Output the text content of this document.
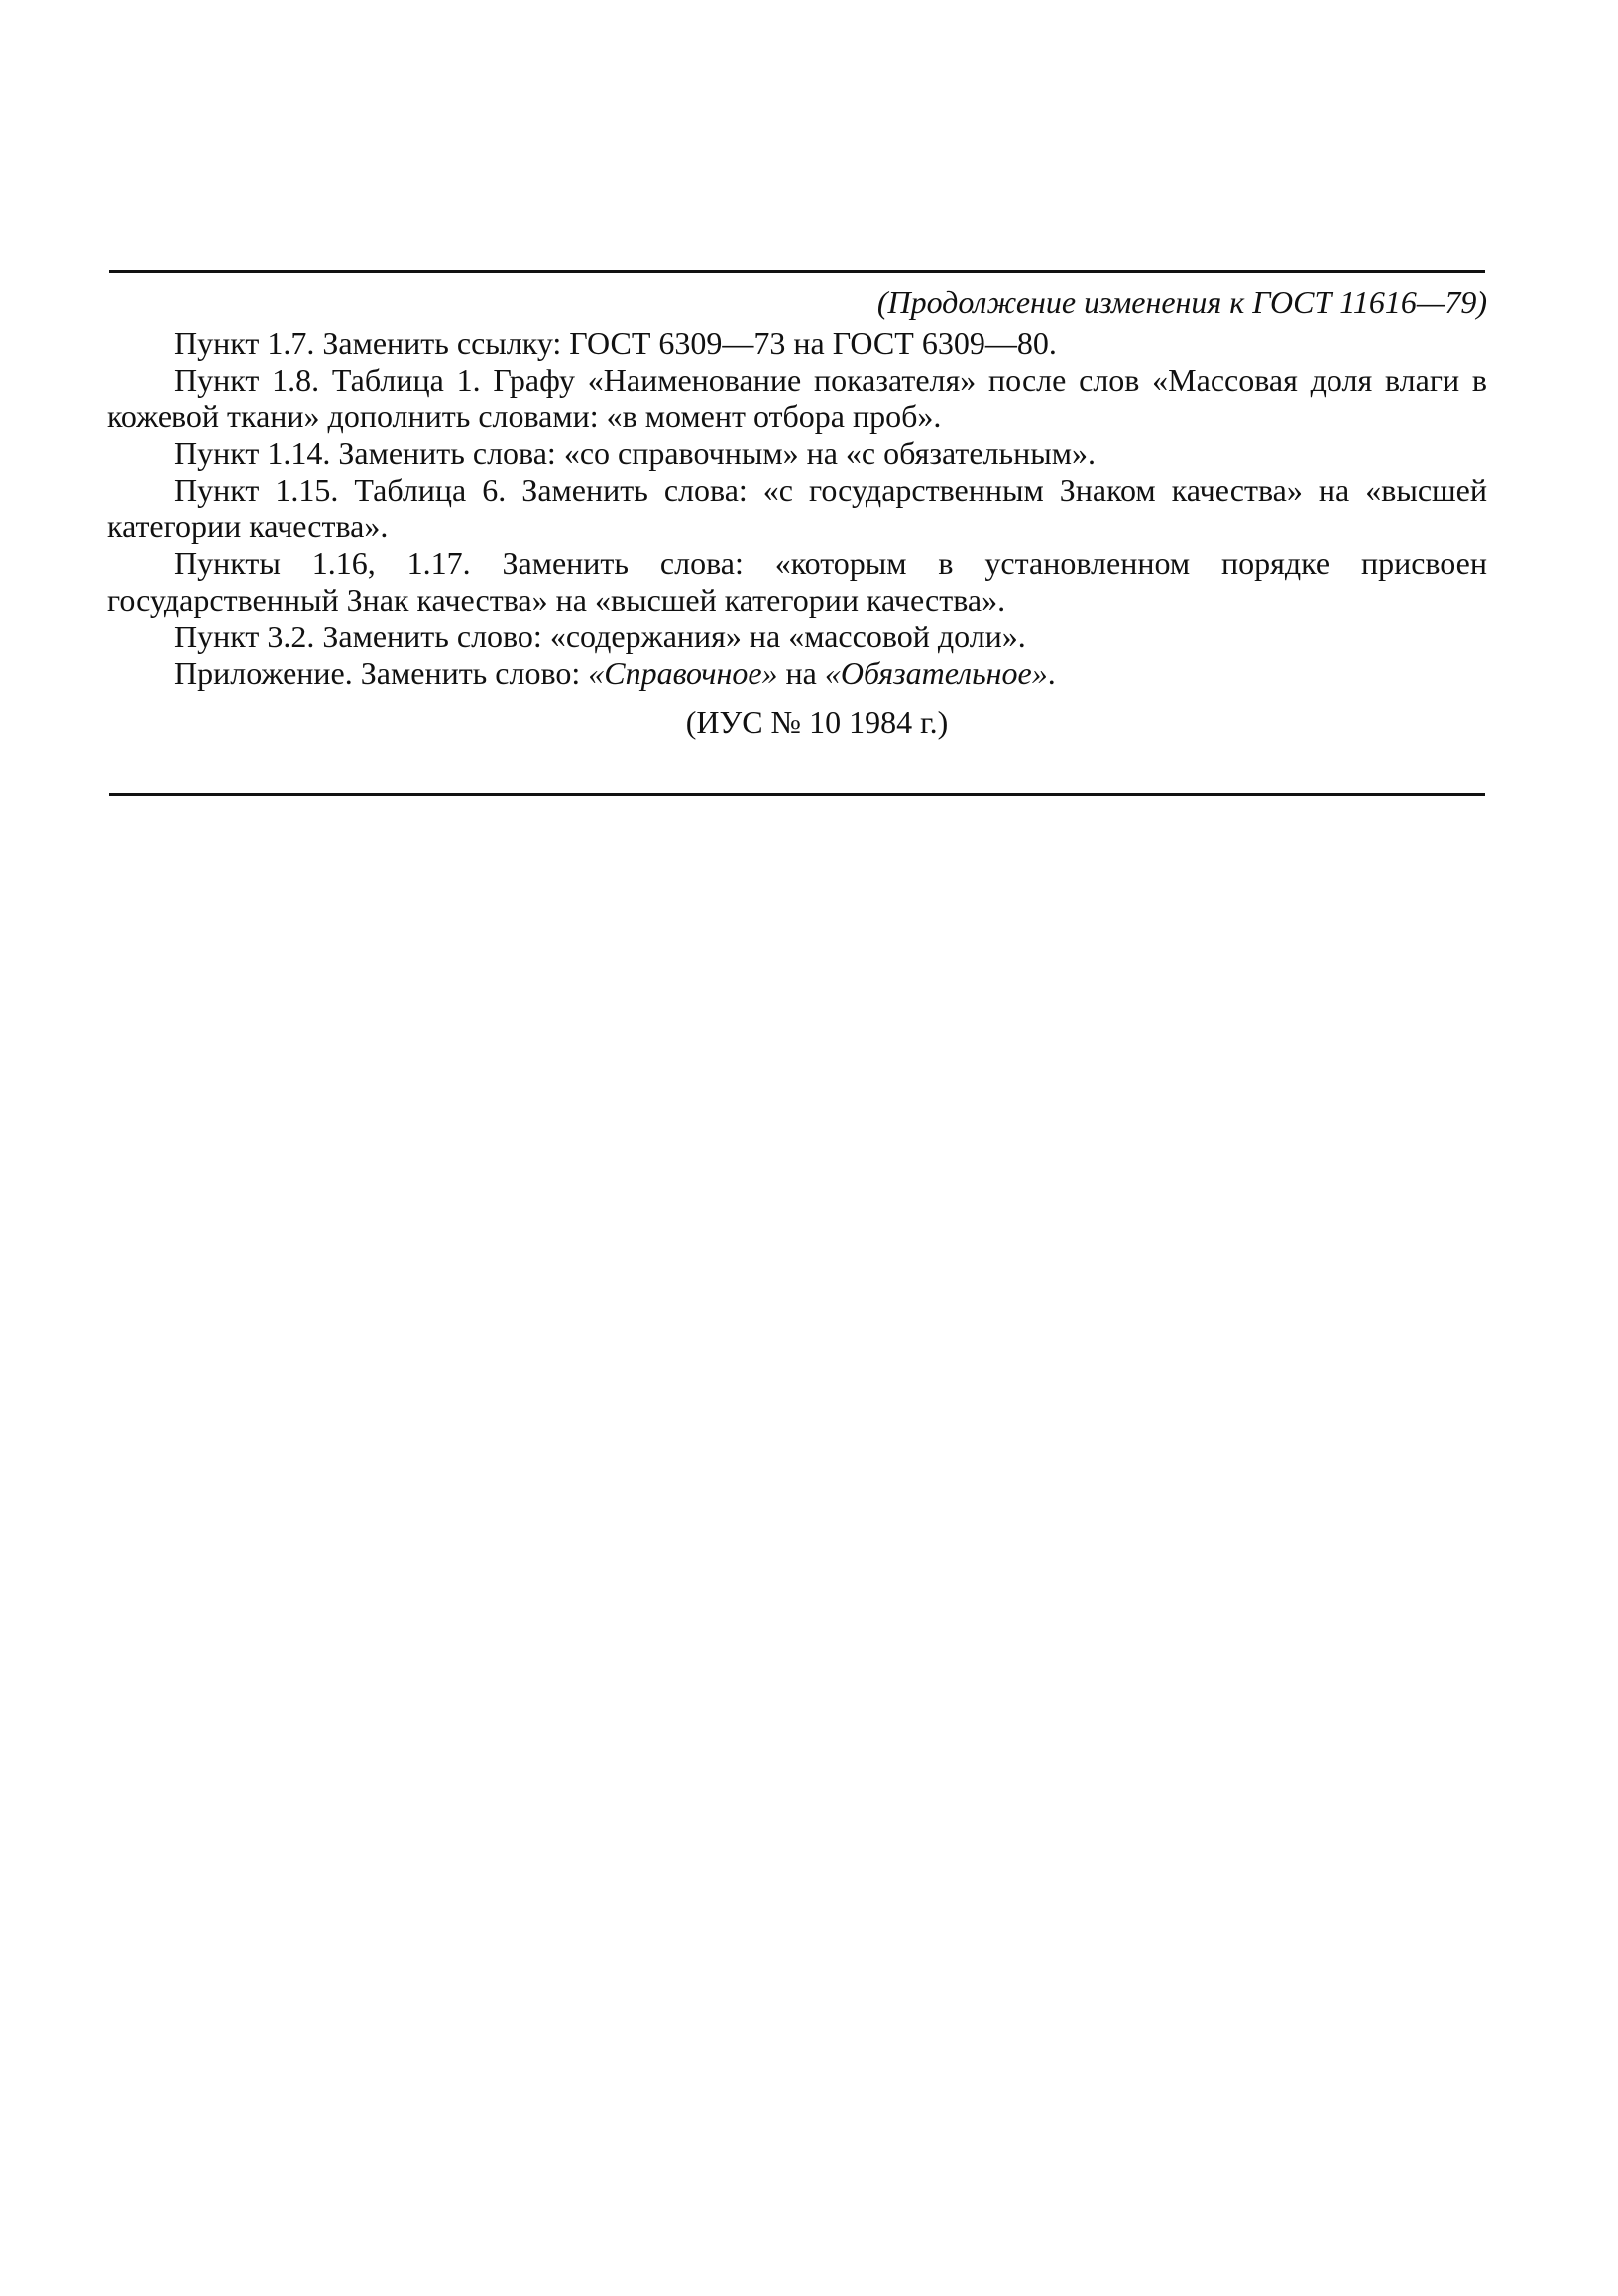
(Продолжение изменения к ГОСТ 11616—79)

Пункт 1.7. Заменить ссылку: ГОСТ 6309—73 на ГОСТ 6309—80.

Пункт 1.8. Таблица 1. Графу «Наименование показателя» после слов «Массовая доля влаги в кожевой ткани» дополнить словами: «в момент отбора проб».

Пункт 1.14. Заменить слова: «со справочным» на «с обязательным».

Пункт 1.15. Таблица 6. Заменить слова: «с государственным Знаком качества» на «высшей категории качества».

Пункты 1.16, 1.17. Заменить слова: «которым в установленном порядке присвоен государственный Знак качества» на «высшей категории качества».

Пункт 3.2. Заменить слово: «содержания» на «массовой доли».

Приложение. Заменить слово: «Справочное» на «Обязательное».

(ИУС № 10 1984 г.)
